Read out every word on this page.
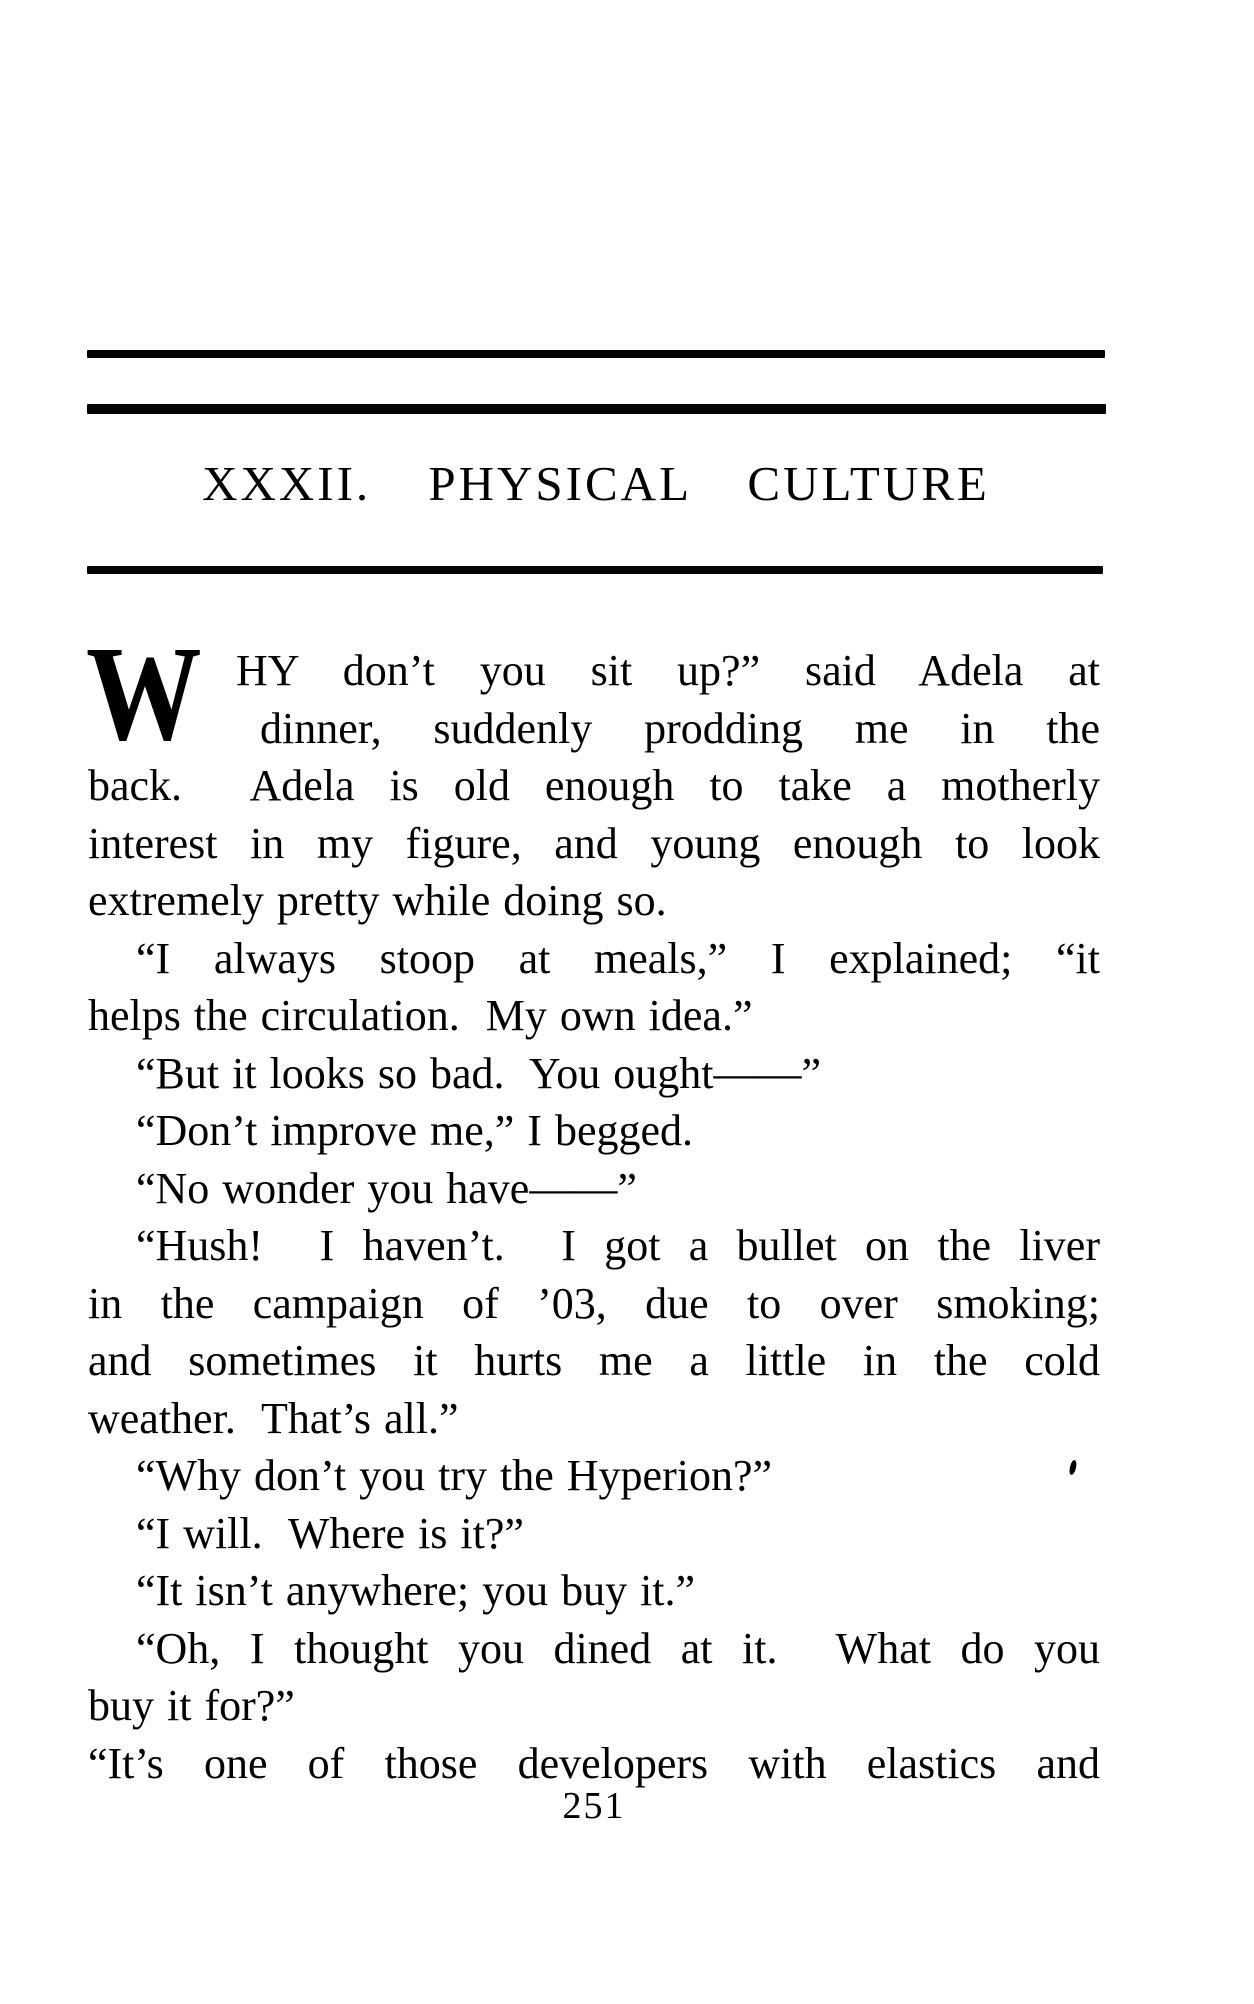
XXXII. PHYSICAL CULTURE
W HY don’t you sit up?” said Adela at
dinner, suddenly prodding me in the
back.  Adela is old enough to take a motherly
interest in my figure, and young enough to look
extremely pretty while doing so.
“I always stoop at meals,” I explained; “it
helps the circulation.  My own idea.”
“But it looks so bad.  You ought——”
“Don’t improve me,” I begged.
“No wonder you have——”
“Hush!  I haven’t.  I got a bullet on the liver
in the campaign of ’03, due to over smoking;
and sometimes it hurts me a little in the cold
weather.  That’s all.”
“Why don’t you try the Hyperion?”
“I will.  Where is it?”
“It isn’t anywhere; you buy it.”
“Oh, I thought you dined at it.  What do you
buy it for?”
“It’s one of those developers with elastics and
251
